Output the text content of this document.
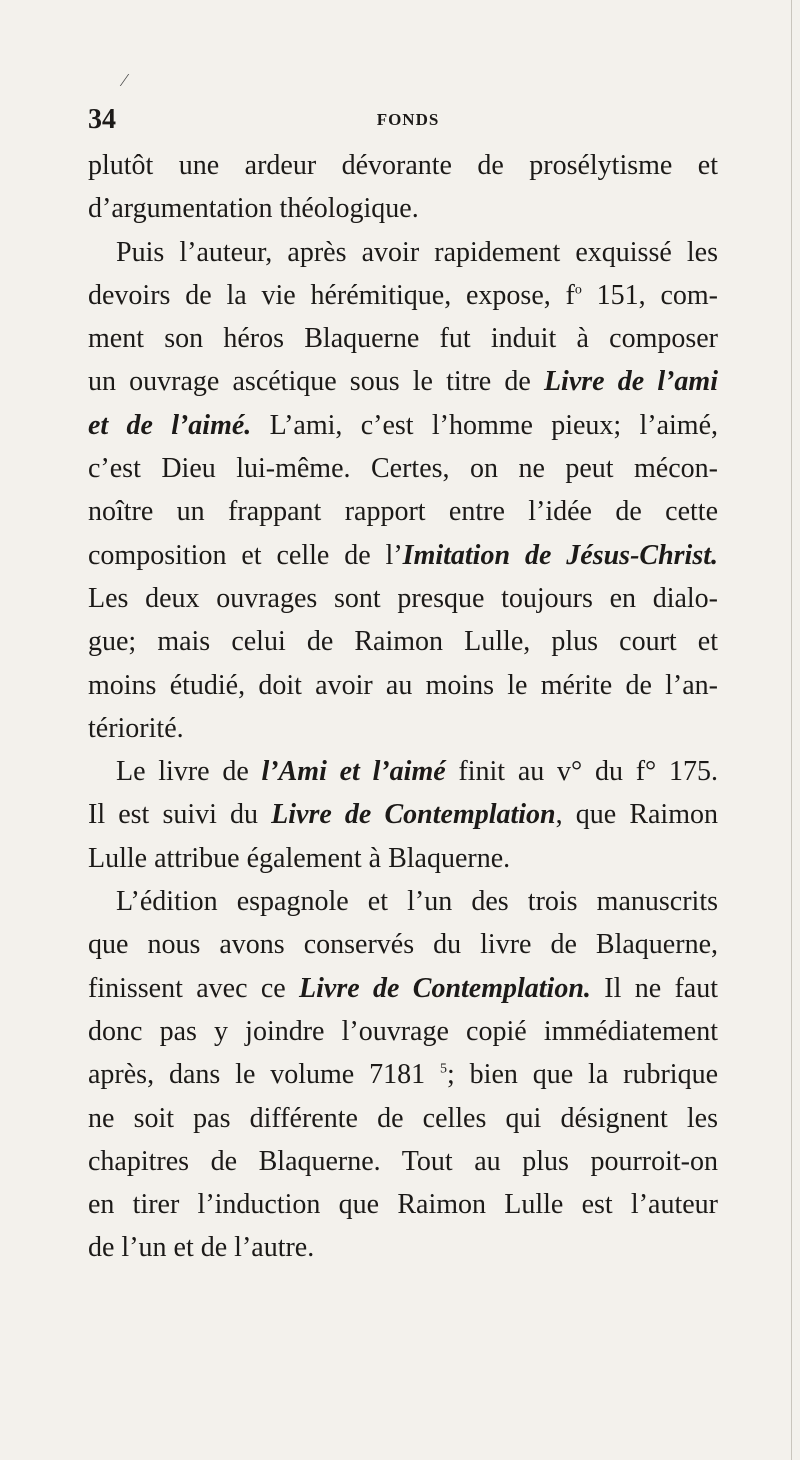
⁄
34	FONDS
plutôt une ardeur dévorante de prosélytisme et
d’argumentation théologique.
Puis l’auteur, après avoir rapidement exquissé les
devoirs de la vie hérémitique, expose, $f^o$ 151, com-
ment son héros Blaquerne fut induit à composer
un ouvrage ascétique sous le titre de Livre de l’ami
et de l’aimé. L’ami, c’est l’homme pieux; l’aimé,
c’est Dieu lui-même. Certes, on ne peut mécon-
noître un frappant rapport entre l’idée de cette
composition et celle de l’Imitation de Jésus-Christ.
Les deux ouvrages sont presque toujours en dialo-
gue; mais celui de Raimon Lulle, plus court et
moins étudié, doit avoir au moins le mérite de l’an-
tériorité.
Le livre de l’Ami et l’aimé finit au v° du f° 175.
Il est suivi du Livre de Contemplation, que Raimon
Lulle attribue également à Blaquerne.
L’édition espagnole et l’un des trois manuscrits
que nous avons conservés du livre de Blaquerne,
finissent avec ce Livre de Contemplation. Il ne faut
donc pas y joindre l’ouvrage copié immédiatement
après, dans le volume 7181 $^5$; bien que la rubrique
ne soit pas différente de celles qui désignent les
chapitres de Blaquerne. Tout au plus pourroit-on
en tirer l’induction que Raimon Lulle est l’auteur
de l’un et de l’autre.
